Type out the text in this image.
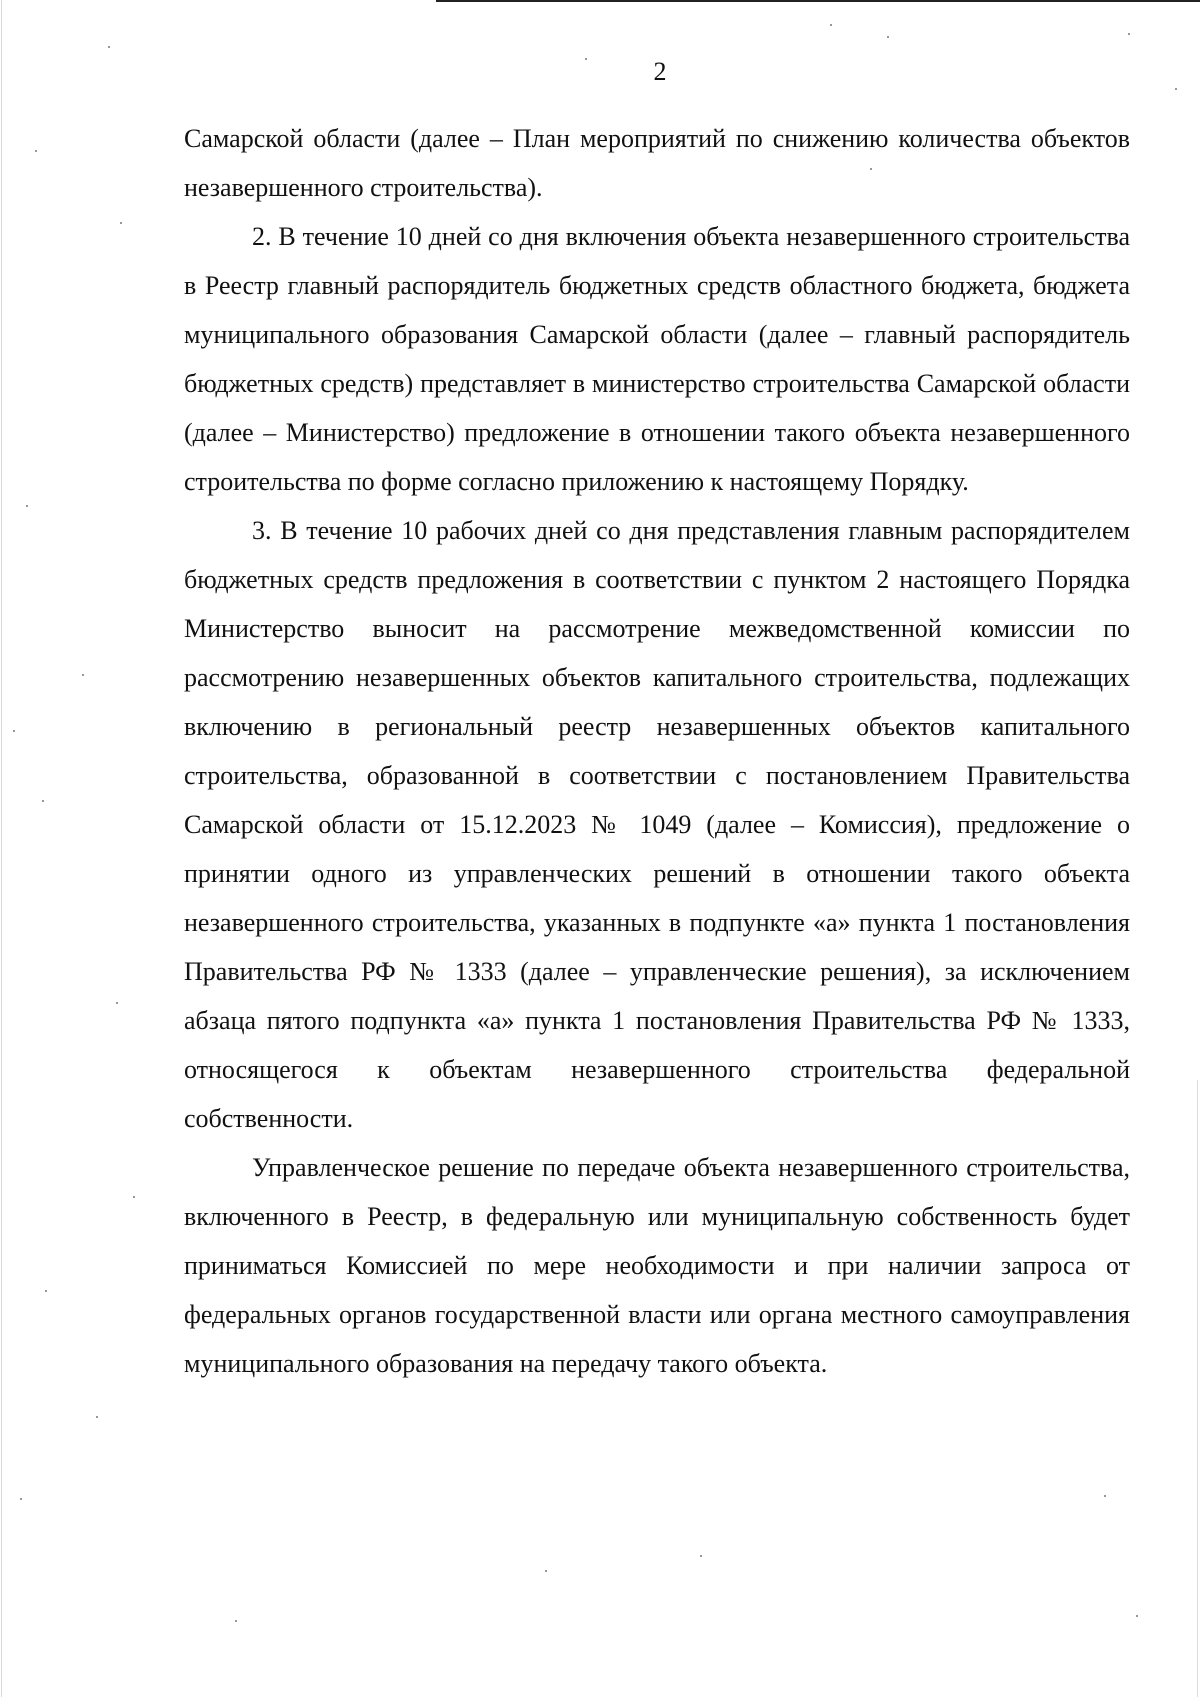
2

Самарской области (далее – План мероприятий по снижению количества объектов незавершенного строительства).

2. В течение 10 дней со дня включения объекта незавершенного строительства в Реестр главный распорядитель бюджетных средств областного бюджета, бюджета муниципального образования Самарской области (далее – главный распорядитель бюджетных средств) представляет в министерство строительства Самарской области (далее – Министерство) предложение в отношении такого объекта незавершенного строительства по форме согласно приложению к настоящему Порядку.

3. В течение 10 рабочих дней со дня представления главным распорядителем бюджетных средств предложения в соответствии с пунктом 2 настоящего Порядка Министерство выносит на рассмотрение межведомственной комиссии по рассмотрению незавершенных объектов капитального строительства, подлежащих включению в региональный реестр незавершенных объектов капитального строительства, образованной в соответствии с постановлением Правительства Самарской области от 15.12.2023 № 1049 (далее – Комиссия), предложение о принятии одного из управленческих решений в отношении такого объекта незавершенного строительства, указанных в подпункте «а» пункта 1 постановления Правительства РФ № 1333 (далее – управленческие решения), за исключением абзаца пятого подпункта «а» пункта 1 постановления Правительства РФ № 1333, относящегося к объектам незавершенного строительства федеральной собственности.

Управленческое решение по передаче объекта незавершенного строительства, включенного в Реестр, в федеральную или муниципальную собственность будет приниматься Комиссией по мере необходимости и при наличии запроса от федеральных органов государственной власти или органа местного самоуправления муниципального образования на передачу такого объекта.
